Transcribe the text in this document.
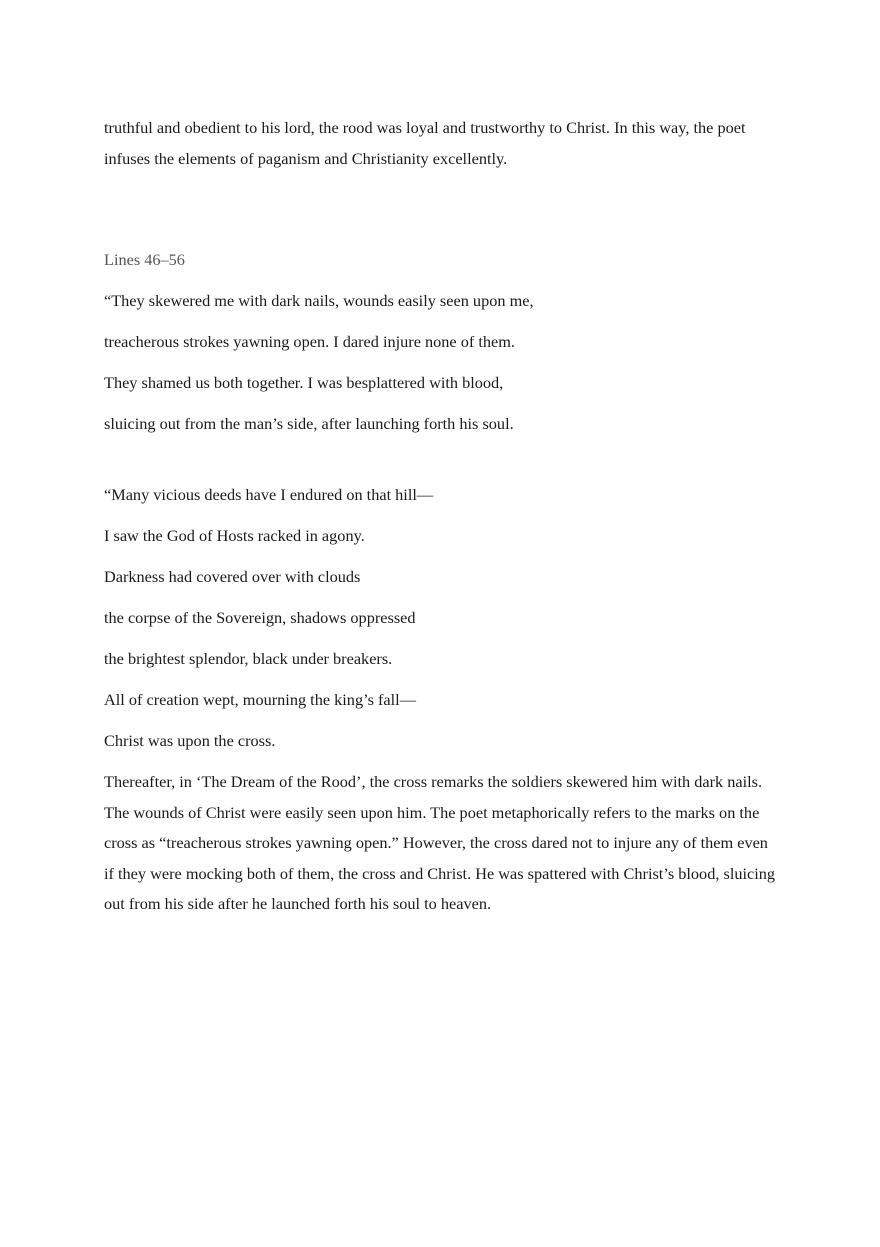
truthful and obedient to his lord, the rood was loyal and trustworthy to Christ. In this way, the poet infuses the elements of paganism and Christianity excellently.

Lines 46–56

“They skewered me with dark nails, wounds easily seen upon me,

treacherous strokes yawning open. I dared injure none of them.

They shamed us both together. I was besplattered with blood,

sluicing out from the man’s side, after launching forth his soul.

“Many vicious deeds have I endured on that hill—

I saw the God of Hosts racked in agony.

Darkness had covered over with clouds

the corpse of the Sovereign, shadows oppressed

the brightest splendor, black under breakers.

All of creation wept, mourning the king’s fall—

Christ was upon the cross.

Thereafter, in ‘The Dream of the Rood’, the cross remarks the soldiers skewered him with dark nails. The wounds of Christ were easily seen upon him. The poet metaphorically refers to the marks on the cross as “treacherous strokes yawning open.” However, the cross dared not to injure any of them even if they were mocking both of them, the cross and Christ. He was spattered with Christ’s blood, sluicing out from his side after he launched forth his soul to heaven.
